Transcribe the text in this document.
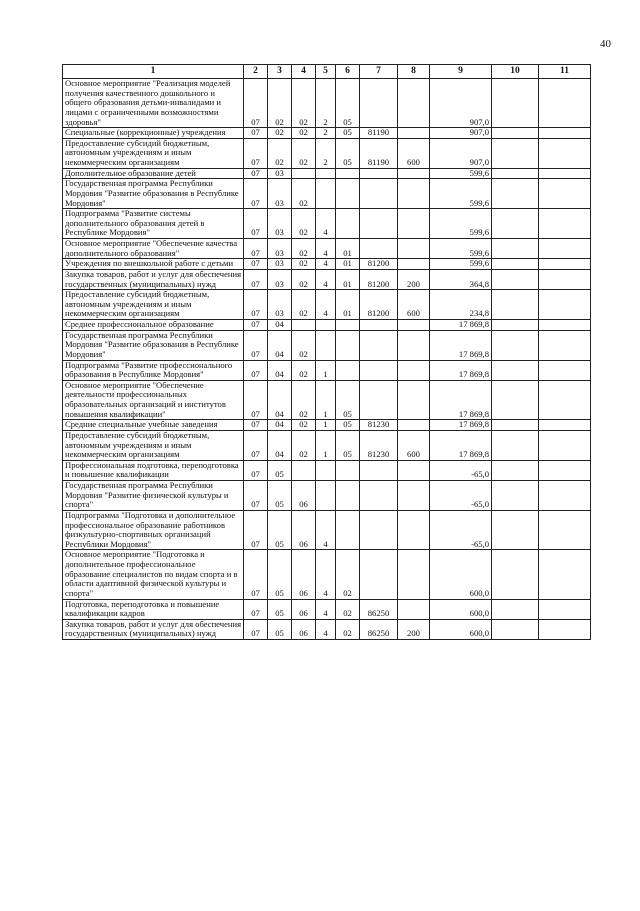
40
1	2	3	4	5	6	7	8	9	10	11
Основное мероприятие "Реализация моделей получения качественного дошкольного и общего образования детьми-инвалидами и лицами с ограниченными возможностями здоровья"	07	02	02	2	05			907,0		
Специальные (коррекционные) учреждения	07	02	02	2	05	81190		907,0		
Предоставление субсидий бюджетным, автономным учреждениям и иным некоммерческим организациям	07	02	02	2	05	81190	600	907,0		
Дополнительное образование детей	07	03						599,6		
Государственная программа Республики Мордовия "Развитие образования в Республике Мордовия"	07	03	02					599,6		
Подпрограмма "Развитие системы дополнительного образования детей в Республике Мордовия"	07	03	02	4				599,6		
Основное мероприятие "Обеспечение качества дополнительного образования"	07	03	02	4	01			599,6		
Учреждения по внешкольной работе с детьми	07	03	02	4	01	81200		599,6		
Закупка товаров, работ и услуг для обеспечения государственных (муниципальных) нужд	07	03	02	4	01	81200	200	364,8		
Предоставление субсидий бюджетным, автономным учреждениям и иным некоммерческим организациям	07	03	02	4	01	81200	600	234,8		
Среднее профессиональное образование	07	04						17 869,8		
Государственная программа Республики Мордовия "Развитие образования в Республике Мордовия"	07	04	02					17 869,8		
Подпрограмма "Развитие профессионального образования в Республике Мордовия"	07	04	02	1				17 869,8		
Основное мероприятие "Обеспечение деятельности профессиональных образовательных организаций и институтов повышения квалификации"	07	04	02	1	05			17 869,8		
Средние специальные учебные заведения	07	04	02	1	05	81230		17 869,8		
Предоставление субсидий бюджетным, автономным учреждениям и иным некоммерческим организациям	07	04	02	1	05	81230	600	17 869,8		
Профессиональная подготовка, переподготовка и повышение квалификации	07	05						-65,0		
Государственная программа Республики Мордовия "Развитие физической культуры и спорта"	07	05	06					-65,0		
Подпрограмма "Подготовка и дополнительное профессиональное образование работников физкультурно-спортивных организаций Республики Мордовия"	07	05	06	4				-65,0		
Основное мероприятие "Подготовка и дополнительное профессиональное образование специалистов по видам спорта и в области адаптивной физической культуры и спорта"	07	05	06	4	02			600,0		
Подготовка, переподготовка и повышение квалификации кадров	07	05	06	4	02	86250		600,0		
Закупка товаров, работ и услуг для обеспечения государственных (муниципальных) нужд	07	05	06	4	02	86250	200	600,0		
